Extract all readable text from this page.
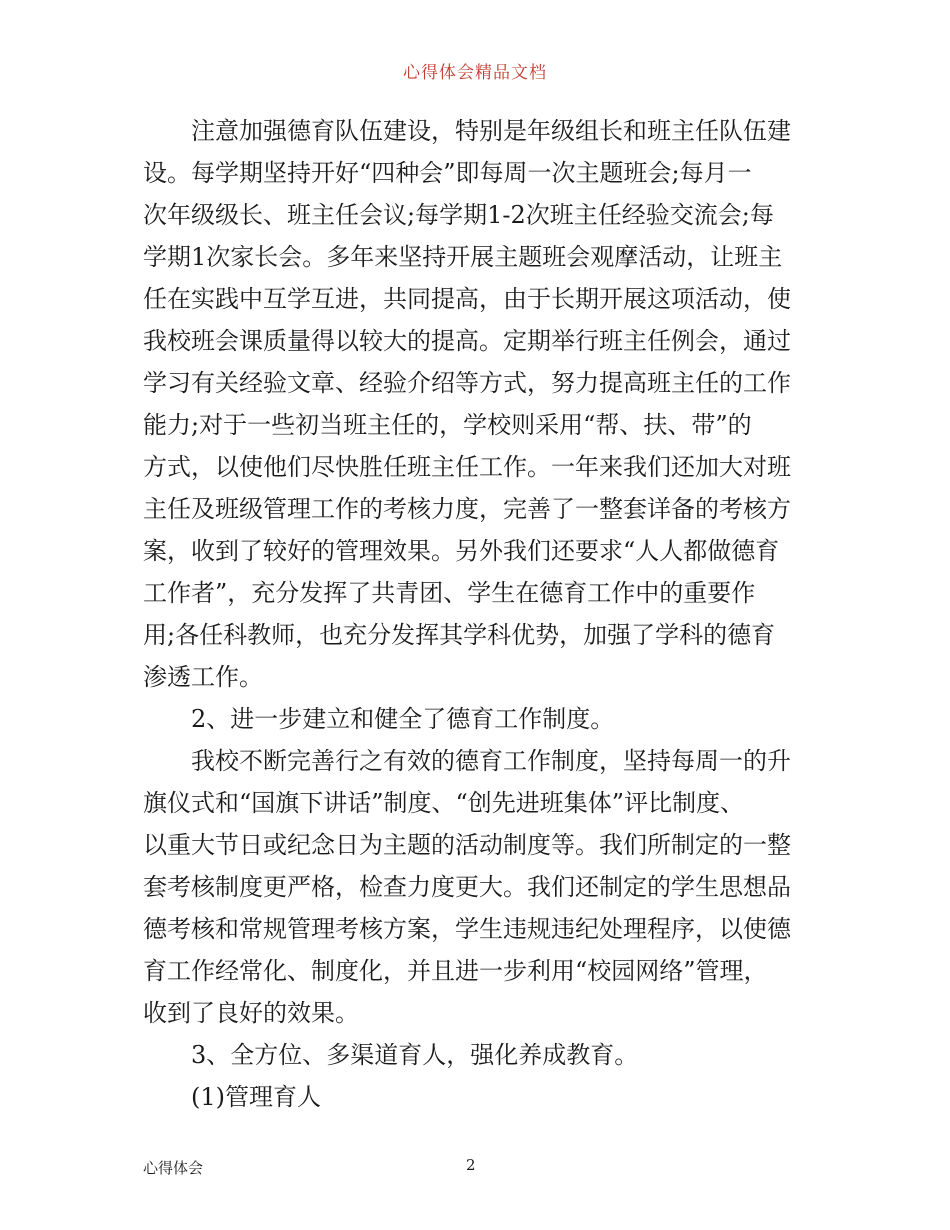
心得体会精品文档
　　注意加强德育队伍建设，特别是年级组长和班主任队伍建
设。每学期坚持开好“四种会”即每周一次主题班会;每月一
次年级级长、班主任会议;每学期1-2次班主任经验交流会;每
学期1次家长会。多年来坚持开展主题班会观摩活动，让班主
任在实践中互学互进，共同提高，由于长期开展这项活动，使
我校班会课质量得以较大的提高。定期举行班主任例会，通过
学习有关经验文章、经验介绍等方式，努力提高班主任的工作
能力;对于一些初当班主任的，学校则采用“帮、扶、带”的
方式，以使他们尽快胜任班主任工作。一年来我们还加大对班
主任及班级管理工作的考核力度，完善了一整套详备的考核方
案，收到了较好的管理效果。另外我们还要求“人人都做德育
工作者”，充分发挥了共青团、学生在德育工作中的重要作
用;各任科教师，也充分发挥其学科优势，加强了学科的德育
渗透工作。
　　2、进一步建立和健全了德育工作制度。
　　我校不断完善行之有效的德育工作制度，坚持每周一的升
旗仪式和“国旗下讲话”制度、“创先进班集体”评比制度、
以重大节日或纪念日为主题的活动制度等。我们所制定的一整
套考核制度更严格，检查力度更大。我们还制定的学生思想品
德考核和常规管理考核方案，学生违规违纪处理程序，以使德
育工作经常化、制度化，并且进一步利用“校园网络”管理，
收到了良好的效果。
　　3、全方位、多渠道育人，强化养成教育。
　　(1)管理育人
心得体会	2
